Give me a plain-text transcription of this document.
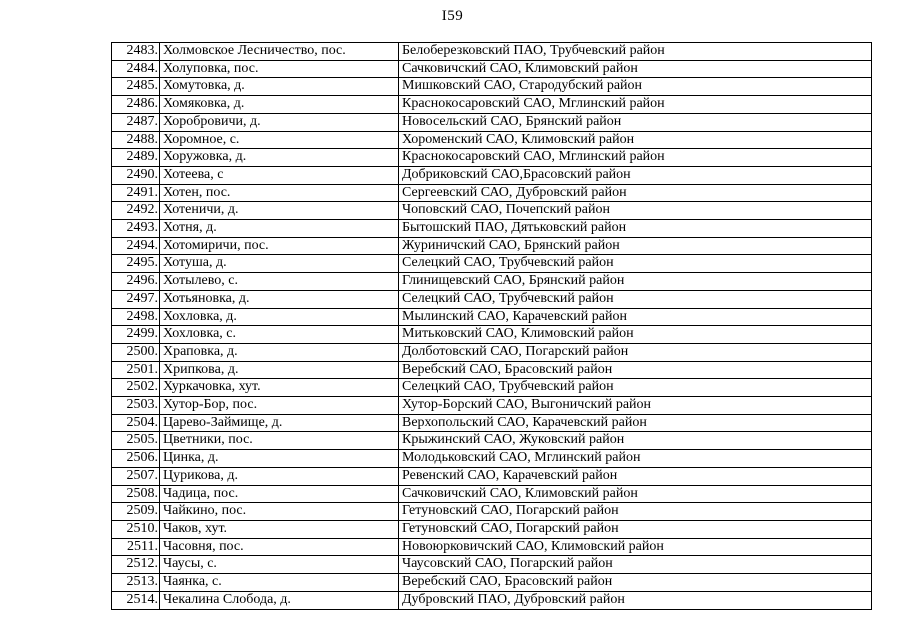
I59
2483.	Холмовское Лесничество, пос.	Белоберезковский ПАО, Трубчевский район
2484.	Холуповка, пос.	Сачковичский САО, Климовский район
2485.	Хомутовка, д.	Мишковский САО, Стародубский район
2486.	Хомяковка, д.	Краснокосаровский САО, Мглинский район
2487.	Хоробровичи, д.	Новосельский САО, Брянский район
2488.	Хоромное, с.	Хороменский САО, Климовский район
2489.	Хоружовка, д.	Краснокосаровский САО, Мглинский район
2490.	Хотеева, с	Добриковский САО,Брасовский район
2491.	Хотен, пос.	Сергеевский САО, Дубровский район
2492.	Хотеничи, д.	Чоповский САО, Почепский район
2493.	Хотня, д.	Бытошский ПАО, Дятьковский район
2494.	Хотомиричи, пос.	Журиничский САО, Брянский район
2495.	Хотуша, д.	Селецкий САО, Трубчевский район
2496.	Хотылево, с.	Глинищевский САО, Брянский район
2497.	Хотьяновка, д.	Селецкий САО, Трубчевский район
2498.	Хохловка, д.	Мылинский САО, Карачевский район
2499.	Хохловка, с.	Митьковский САО, Климовский район
2500.	Храповка, д.	Долботовский САО, Погарский район
2501.	Хрипкова, д.	Веребский САО, Брасовский район
2502.	Хуркачовка, хут.	Селецкий САО, Трубчевский район
2503.	Хутор-Бор, пос.	Хутор-Борский САО, Выгоничский район
2504.	Царево-Займище, д.	Верхопольский САО, Карачевский район
2505.	Цветники, пос.	Крыжинский САО, Жуковский район
2506.	Цинка, д.	Молодьковский САО, Мглинский район
2507.	Цурикова, д.	Ревенский САО, Карачевский район
2508.	Чадица, пос.	Сачковичский САО, Климовский район
2509.	Чайкино, пос.	Гетуновский САО, Погарский район
2510.	Чаков, хут.	Гетуновский САО, Погарский район
2511.	Часовня, пос.	Новоюрковичский САО, Климовский район
2512.	Чаусы, с.	Чаусовский САО, Погарский район
2513.	Чаянка, с.	Веребский САО, Брасовский район
2514.	Чекалина Слобода, д.	Дубровский ПАО, Дубровский район
